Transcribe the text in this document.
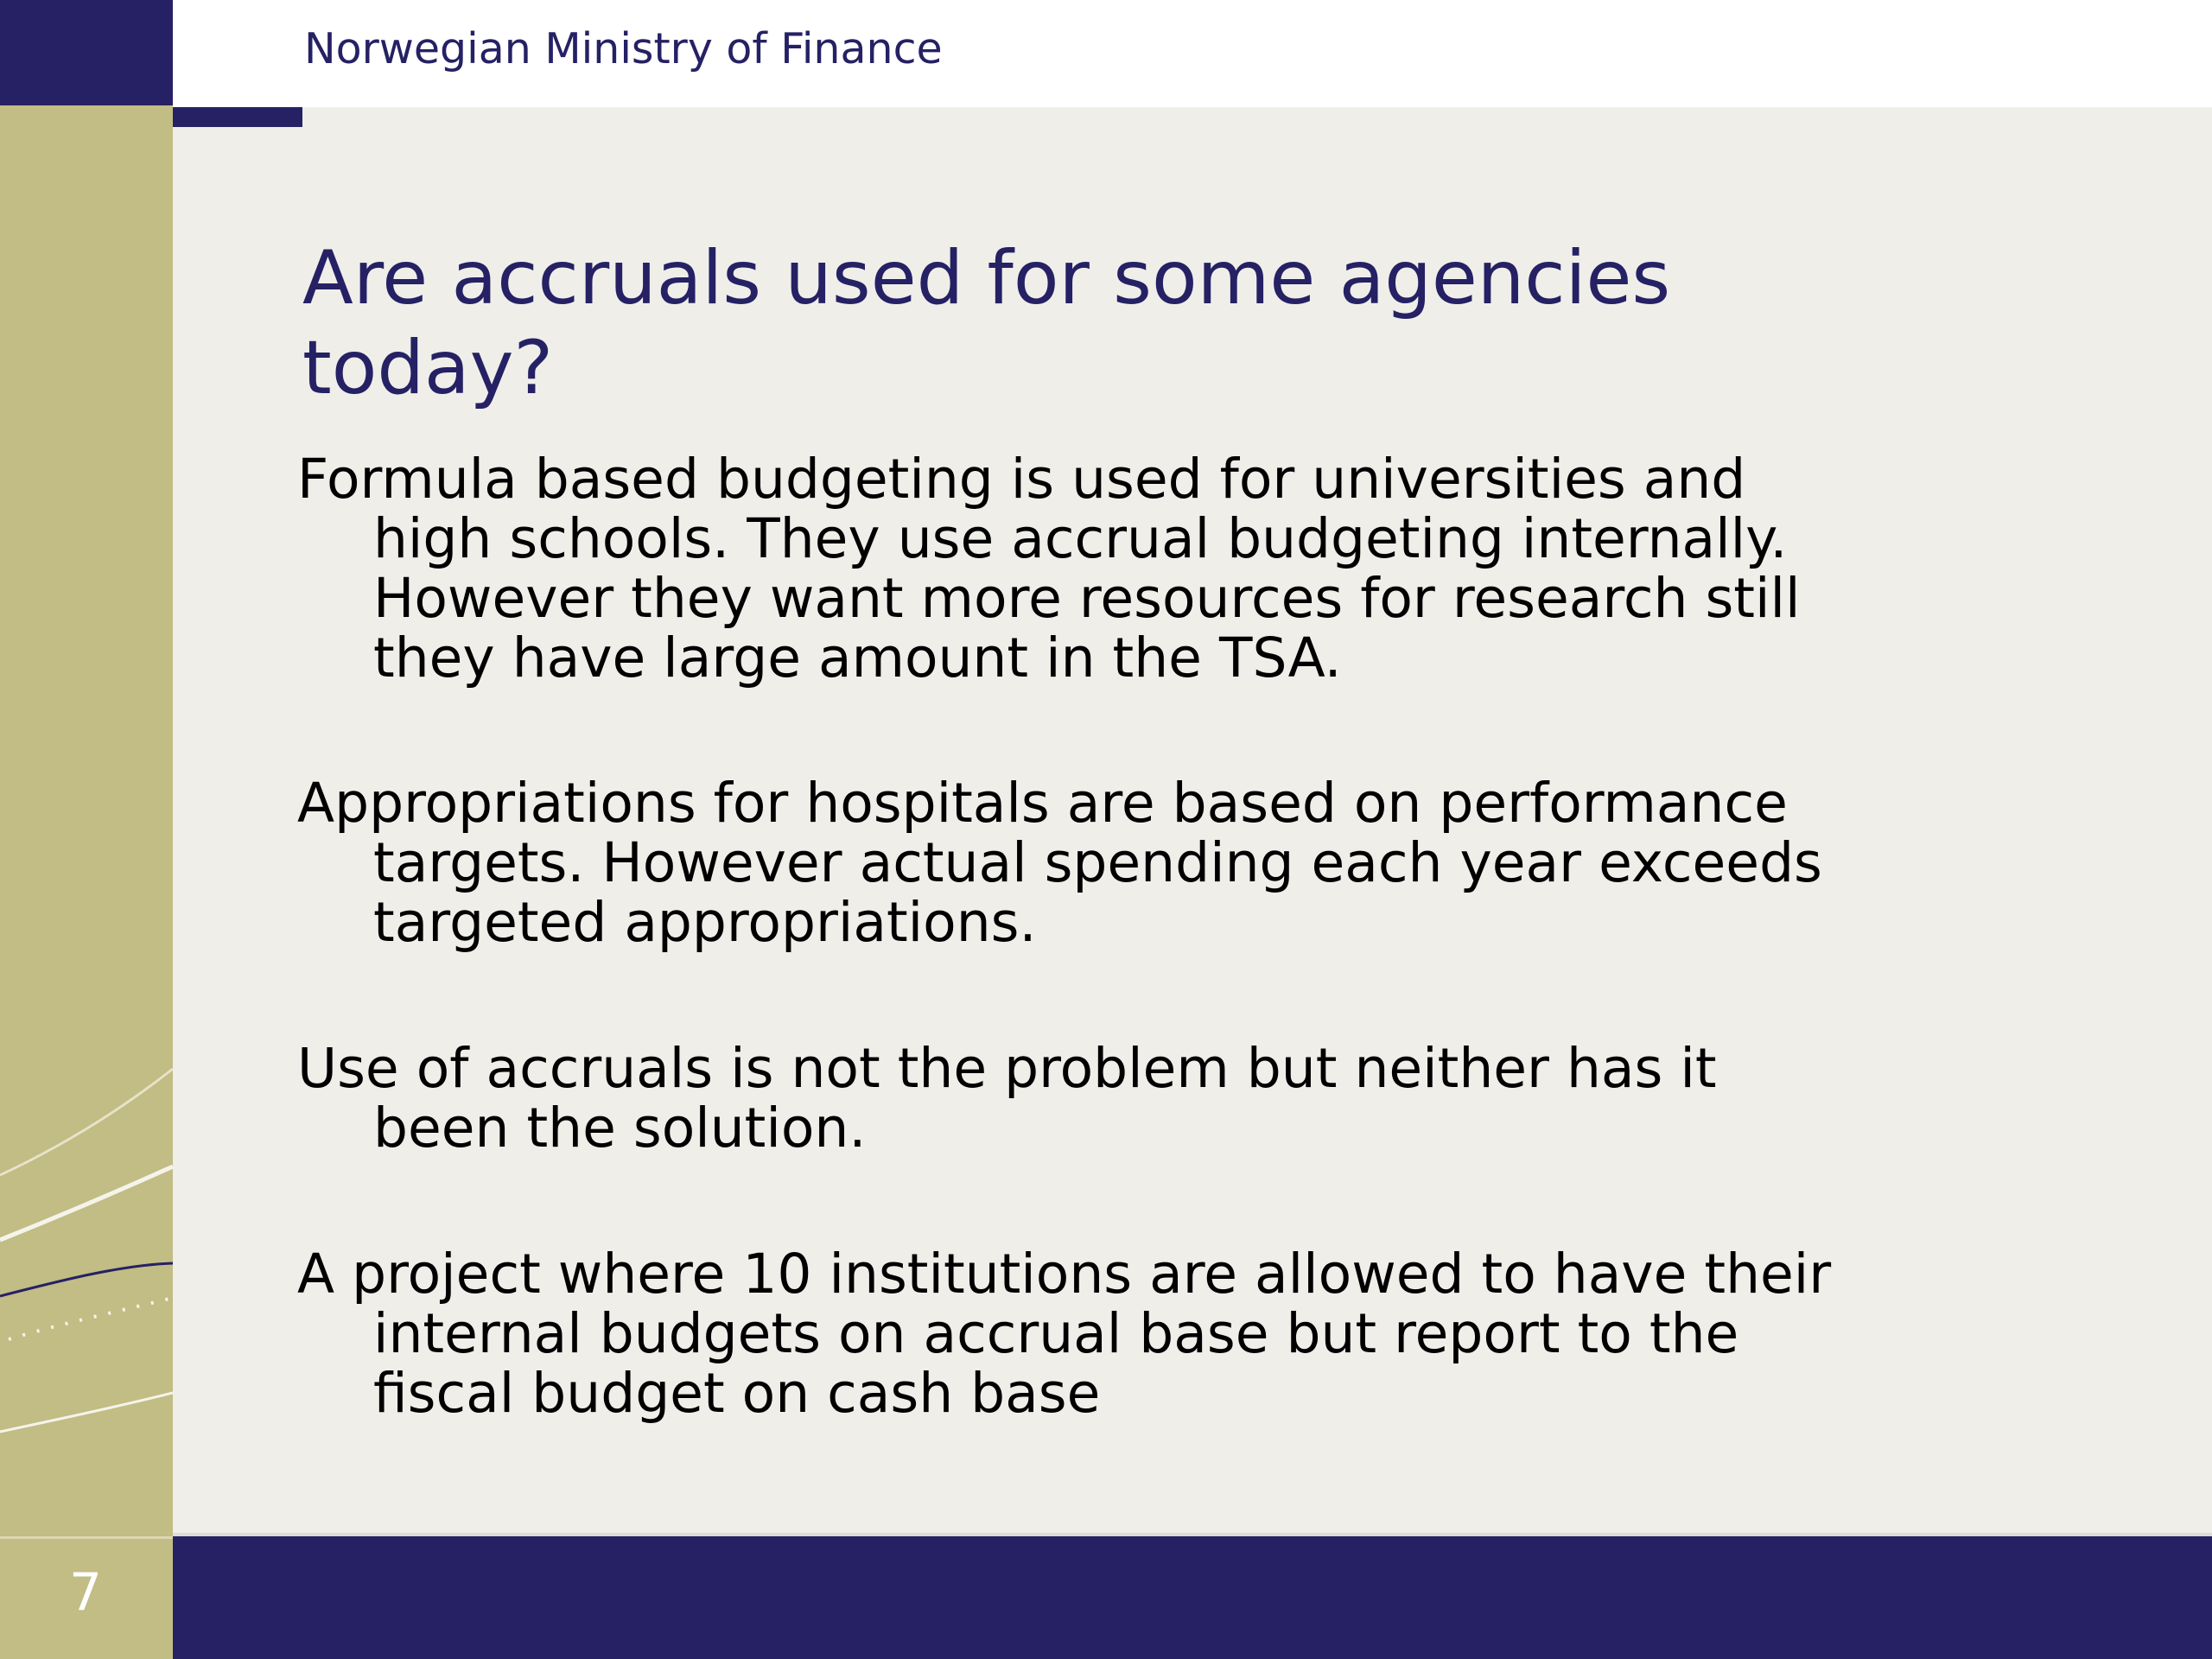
Norwegian Ministry of Finance
Are accruals used for some agencies today?
Formula based budgeting is used for universities and high schools. They use accrual budgeting internally. However they want more resources for research still they have large amount in the TSA.
Appropriations for hospitals are based on performance targets. However actual spending each year exceeds targeted appropriations.
Use of accruals is not the problem but neither has it been the solution.
A project where 10 institutions are allowed to have their internal budgets on accrual base but report to the fiscal budget on cash base
7
